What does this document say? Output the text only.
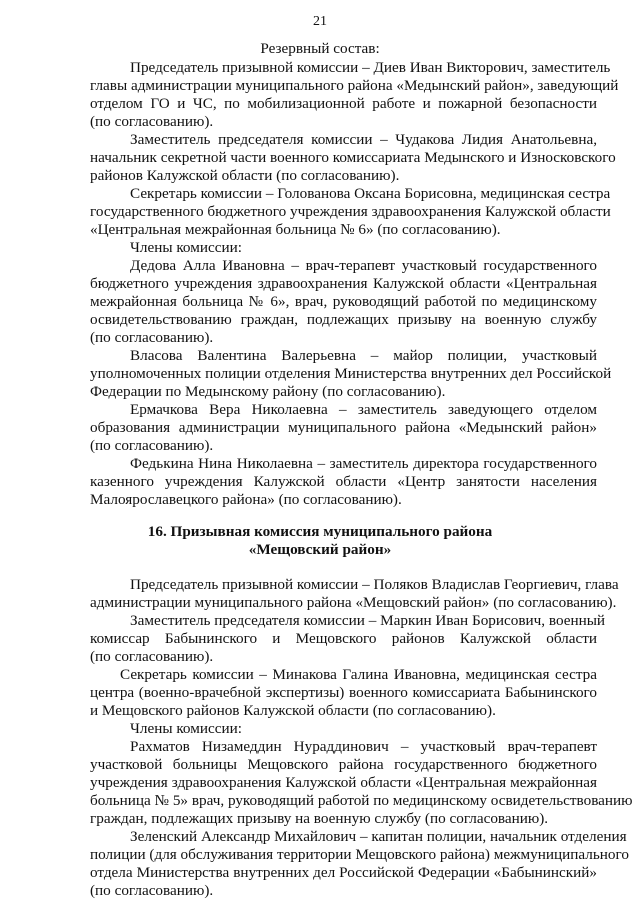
21
Резервный состав:
Председатель призывной комиссии – Диев Иван Викторович, заместитель
главы администрации муниципального района «Медынский район», заведующий
отделом ГО и ЧС, по мобилизационной работе и пожарной безопасности
(по согласованию).
Заместитель председателя комиссии – Чудакова Лидия Анатольевна,
начальник секретной части военного комиссариата Медынского и Износковского
районов Калужской области (по согласованию).
Секретарь комиссии – Голованова Оксана Борисовна, медицинская сестра
государственного бюджетного учреждения здравоохранения Калужской области
«Центральная межрайонная больница № 6» (по согласованию).
Члены комиссии:
Дедова Алла Ивановна – врач-терапевт участковый государственного
бюджетного учреждения здравоохранения Калужской области «Центральная
межрайонная больница № 6», врач, руководящий работой по медицинскому
освидетельствованию граждан, подлежащих призыву на военную службу
(по согласованию).
Власова Валентина Валерьевна – майор полиции, участковый
уполномоченных полиции отделения Министерства внутренних дел Российской
Федерации по Медынскому району (по согласованию).
Ермачкова Вера Николаевна – заместитель заведующего отделом
образования администрации муниципального района «Медынский район»
(по согласованию).
Федькина Нина Николаевна – заместитель директора государственного
казенного учреждения Калужской области «Центр занятости населения
Малоярославецкого района» (по согласованию).
16. Призывная комиссия муниципального района
«Мещовский район»
Председатель призывной комиссии – Поляков Владислав Георгиевич, глава
администрации муниципального района «Мещовский район» (по согласованию).
Заместитель председателя комиссии – Маркин Иван Борисович, военный
комиссар Бабынинского и Мещовского районов Калужской области
(по согласованию).
Секретарь комиссии – Минакова Галина Ивановна, медицинская сестра
центра (военно-врачебной экспертизы) военного комиссариата Бабынинского
и Мещовского районов Калужской области (по согласованию).
Члены комиссии:
Рахматов Низамеддин Нураддинович – участковый врач-терапевт
участковой больницы Мещовского района государственного бюджетного
учреждения здравоохранения Калужской области «Центральная межрайонная
больница № 5» врач, руководящий работой по медицинскому освидетельствованию
граждан, подлежащих призыву на военную службу (по согласованию).
Зеленский Александр Михайлович – капитан полиции, начальник отделения
полиции (для обслуживания территории Мещовского района) межмуниципального
отдела Министерства внутренних дел Российской Федерации «Бабынинский»
(по согласованию).
